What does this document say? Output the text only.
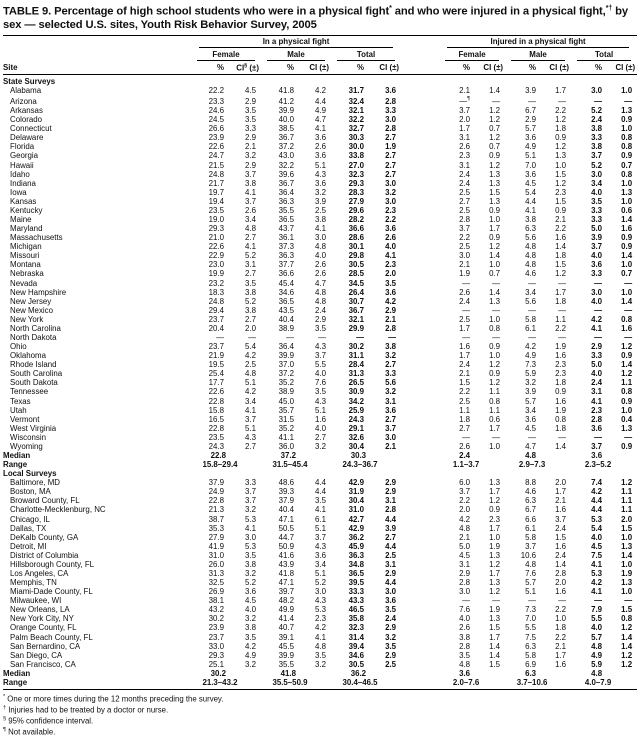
TABLE 9. Percentage of high school students who were in a physical fight* and who were injured in a physical fight,*† by sex — selected U.S. sites, Youth Risk Behavior Survey, 2005

	In a physical fight							Injured in a physical fight					

	Female		Male		Total			Female		Male		Total	

Site	%	CI§ (±)	%	CI (±)	%	CI (±)		%	CI (±)	%	CI (±)	%	CI (±)
State Surveys													
Alabama	22.2	4.5	41.8	4.2	31.7	3.6		2.1	1.4	3.9	1.7	3.0	1.0
Arizona	23.3	2.9	41.2	4.4	32.4	2.8		—¶	—	—	—	—	—
Arkansas	24.6	3.5	39.9	4.9	32.1	3.3		3.7	1.2	6.7	2.2	5.2	1.3
Colorado	24.5	3.5	40.0	4.7	32.2	3.0		2.0	1.2	2.9	1.2	2.4	0.9
Connecticut	26.6	3.3	38.5	4.1	32.7	2.8		1.7	0.7	5.7	1.8	3.8	1.0
Delaware	23.9	2.9	36.7	3.6	30.3	2.7		3.1	1.2	3.6	0.9	3.3	0.8
Florida	22.6	2.1	37.2	2.6	30.0	1.9		2.6	0.7	4.9	1.2	3.8	0.8
Georgia	24.7	3.2	43.0	3.6	33.8	2.7		2.3	0.9	5.1	1.3	3.7	0.9
Hawaii	21.5	2.9	32.2	5.1	27.0	2.7		3.1	1.2	7.0	1.0	5.2	0.7
Idaho	24.8	3.7	39.6	4.3	32.3	2.7		2.4	1.3	3.6	1.5	3.0	0.8
Indiana	21.7	3.8	36.7	3.6	29.3	3.0		2.4	1.3	4.5	1.2	3.4	1.0
Iowa	19.7	4.1	36.4	3.2	28.3	3.2		2.5	1.5	5.4	2.3	4.0	1.3
Kansas	19.4	3.7	36.3	3.9	27.9	3.0		2.7	1.3	4.4	1.5	3.5	1.0
Kentucky	23.5	2.6	35.5	2.5	29.6	2.3		2.5	0.9	4.1	0.9	3.3	0.6
Maine	19.0	3.4	36.5	3.8	28.2	2.2		2.8	1.0	3.8	2.1	3.3	1.4
Maryland	29.3	4.8	43.7	4.1	36.6	3.6		3.7	1.7	6.3	2.2	5.0	1.6
Massachusetts	21.0	2.7	36.1	3.0	28.6	2.6		2.2	0.9	5.6	1.6	3.9	0.9
Michigan	22.6	4.1	37.3	4.8	30.1	4.0		2.5	1.2	4.8	1.4	3.7	0.9
Missouri	22.9	5.2	36.3	4.0	29.8	4.1		3.0	1.4	4.8	1.8	4.0	1.4
Montana	23.0	3.1	37.7	2.6	30.5	2.3		2.1	1.0	4.8	1.5	3.6	1.0
Nebraska	19.9	2.7	36.6	2.6	28.5	2.0		1.9	0.7	4.6	1.2	3.3	0.7
Nevada	23.2	3.5	45.4	4.7	34.5	3.5		—	—	—	—	—	—
New Hampshire	18.3	3.8	34.6	4.8	26.4	3.6		2.6	1.4	3.4	1.7	3.0	1.0
New Jersey	24.8	5.2	36.5	4.8	30.7	4.2		2.4	1.3	5.6	1.8	4.0	1.4
New Mexico	29.4	3.8	43.5	2.4	36.7	2.9		—	—	—	—	—	—
New York	23.7	2.7	40.4	2.9	32.1	2.1		2.5	1.0	5.8	1.1	4.2	0.8
North Carolina	20.4	2.0	38.9	3.5	29.9	2.8		1.7	0.8	6.1	2.2	4.1	1.6
North Dakota	—	—	—	—	—	—		—	—	—	—	—	—
Ohio	23.7	5.4	36.4	4.3	30.2	3.8		1.6	0.9	4.2	1.9	2.9	1.2
Oklahoma	21.9	4.2	39.9	3.7	31.1	3.2		1.7	1.0	4.9	1.6	3.3	0.9
Rhode Island	19.5	2.5	37.0	5.5	28.4	2.7		2.4	1.2	7.3	2.3	5.0	1.4
South Carolina	25.4	4.8	37.2	4.0	31.3	3.3		2.1	0.9	5.9	2.3	4.0	1.2
South Dakota	17.7	5.1	35.2	7.6	26.5	5.6		1.5	1.2	3.2	1.8	2.4	1.1
Tennessee	22.6	4.2	38.9	3.5	30.9	3.2		2.2	1.1	3.9	0.9	3.1	0.8
Texas	22.8	3.4	45.0	4.3	34.2	3.1		2.5	0.8	5.7	1.6	4.1	0.9
Utah	15.8	4.1	35.7	5.1	25.9	3.6		1.1	1.1	3.4	1.9	2.3	1.0
Vermont	16.5	3.7	31.5	1.6	24.3	2.7		1.8	0.6	3.6	0.8	2.8	0.4
West Virginia	22.8	5.1	35.2	4.0	29.1	3.7		2.7	1.7	4.5	1.8	3.6	1.3
Wisconsin	23.5	4.3	41.1	2.7	32.6	3.0		—	—	—	—	—	—
Wyoming	24.3	2.7	36.0	3.2	30.4	2.1		2.6	1.0	4.7	1.4	3.7	0.9
Median	22.8		37.2		30.3			2.4		4.8		3.6	
Range	15.8–29.4		31.5–45.4		24.3–36.7			1.1–3.7		2.9–7.3		2.3–5.2	
Local Surveys													
Baltimore, MD	37.9	3.3	48.6	4.4	42.9	2.9		6.0	1.3	8.8	2.0	7.4	1.2
Boston, MA	24.9	3.7	39.3	4.4	31.9	2.9		3.7	1.7	4.6	1.7	4.2	1.1
Broward County, FL	22.8	3.7	37.9	3.5	30.4	3.1		2.2	1.2	6.3	2.1	4.4	1.1
Charlotte-Mecklenburg, NC	21.3	3.2	40.4	4.1	31.0	2.8		2.0	0.9	6.7	1.6	4.4	1.1
Chicago, IL	38.7	5.3	47.1	6.1	42.7	4.4		4.2	2.3	6.6	3.7	5.3	2.0
Dallas, TX	35.3	4.1	50.5	5.1	42.9	3.9		4.8	1.7	6.1	2.4	5.4	1.5
DeKalb County, GA	27.9	3.0	44.7	3.7	36.2	2.7		2.1	1.0	5.8	1.5	4.0	1.0
Detroit, MI	41.9	5.3	50.9	4.3	45.9	4.4		5.0	1.9	3.7	1.6	4.5	1.3
District of Columbia	31.0	3.5	41.6	3.6	36.3	2.5		4.5	1.3	10.6	2.4	7.5	1.4
Hillsborough County, FL	26.0	3.8	43.9	3.4	34.8	3.1		3.1	1.2	4.8	1.4	4.1	1.0
Los Angeles, CA	31.3	3.2	41.8	5.1	36.5	2.9		2.9	1.7	7.6	2.8	5.3	1.9
Memphis, TN	32.5	5.2	47.1	5.2	39.5	4.4		2.8	1.3	5.7	2.0	4.2	1.3
Miami-Dade County, FL	26.9	3.6	39.7	3.0	33.3	3.0		3.0	1.2	5.1	1.6	4.1	1.0
Milwaukee, WI	38.1	4.5	48.2	4.3	43.3	3.6		—	—	—	—	—	—
New Orleans, LA	43.2	4.0	49.9	5.3	46.5	3.5		7.6	1.9	7.3	2.2	7.9	1.5
New York City, NY	30.2	3.2	41.4	2.3	35.8	2.4		4.0	1.3	7.0	1.0	5.5	0.8
Orange County, FL	23.9	3.8	40.7	4.2	32.3	2.9		2.6	1.5	5.5	1.8	4.0	1.2
Palm Beach County, FL	23.7	3.5	39.1	4.1	31.4	3.2		3.8	1.7	7.5	2.2	5.7	1.4
San Bernardino, CA	33.0	4.2	45.5	4.8	39.4	3.5		2.8	1.4	6.3	2.1	4.8	1.4
San Diego, CA	29.3	4.9	39.9	3.5	34.6	2.9		3.5	1.4	5.8	1.7	4.9	1.2
San Francisco, CA	25.1	3.2	35.5	3.2	30.5	2.5		4.8	1.5	6.9	1.6	5.9	1.2
Median	30.2		41.8		36.2			3.6		6.3		4.8	
Range	21.3–43.2		35.5–50.9		30.4–46.5			2.0–7.6		3.7–10.6		4.0–7.9	
* One or more times during the 12 months preceding the survey.
† Injuries had to be treated by a doctor or nurse.
§ 95% confidence interval.
¶ Not available.
